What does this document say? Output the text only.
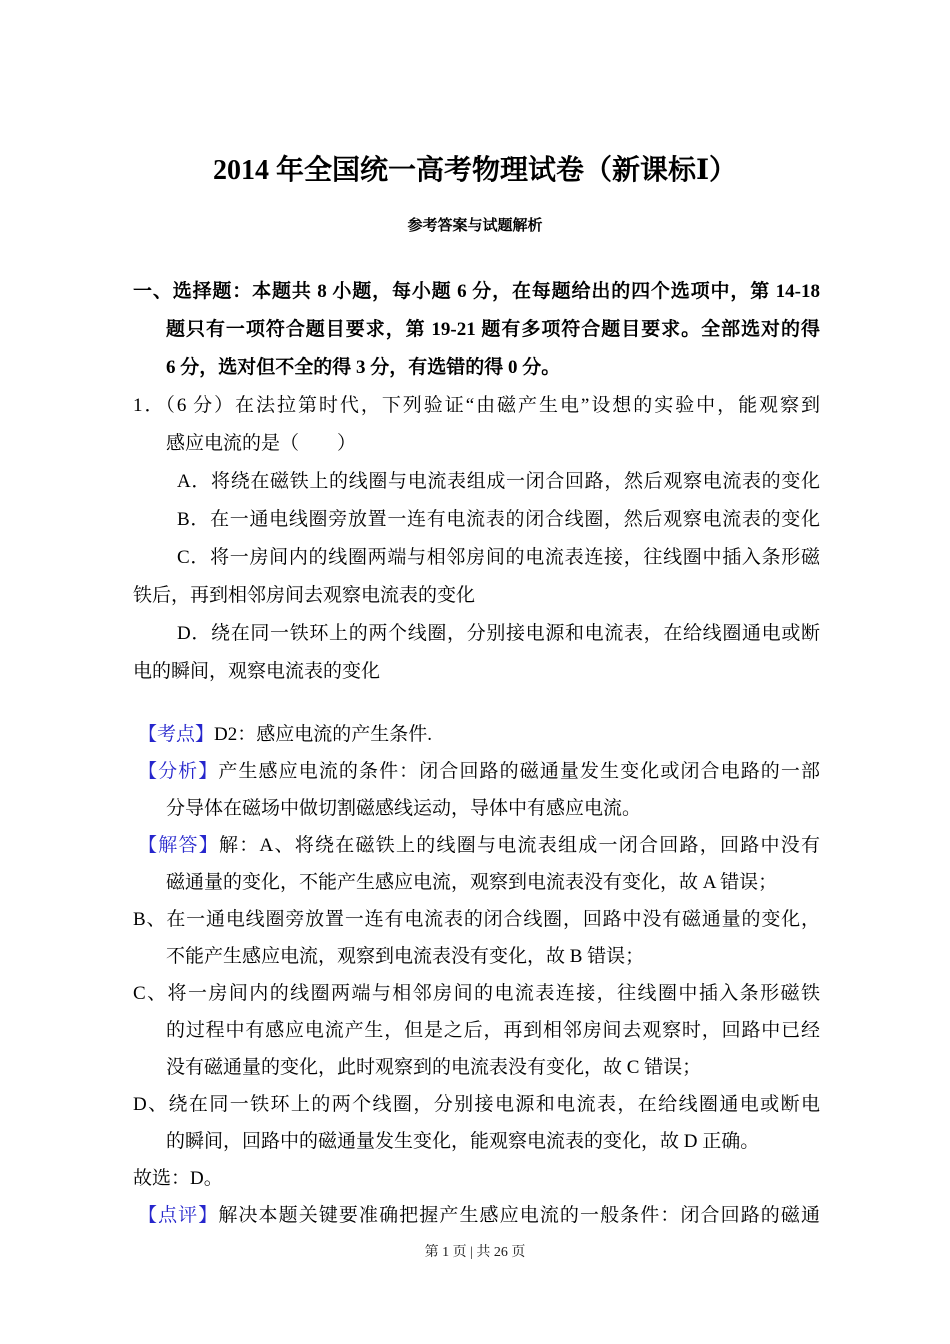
2014 年全国统一高考物理试卷（新课标Ⅰ）
参考答案与试题解析
一、选择题：本题共 8 小题，每小题 6 分，在每题给出的四个选项中，第 14-18
题只有一项符合题目要求，第 19-21 题有多项符合题目要求。全部选对的得
6 分，选对但不全的得 3 分，有选错的得 0 分。
1．（6 分）在法拉第时代，下列验证“由磁产生电”设想的实验中，能观察到
感应电流的是（　　）
A．将绕在磁铁上的线圈与电流表组成一闭合回路，然后观察电流表的变化
B．在一通电线圈旁放置一连有电流表的闭合线圈，然后观察电流表的变化
C．将一房间内的线圈两端与相邻房间的电流表连接，往线圈中插入条形磁
铁后，再到相邻房间去观察电流表的变化
D．绕在同一铁环上的两个线圈，分别接电源和电流表，在给线圈通电或断
电的瞬间，观察电流表的变化
【考点】D2：感应电流的产生条件.
【分析】产生感应电流的条件：闭合回路的磁通量发生变化或闭合电路的一部
分导体在磁场中做切割磁感线运动，导体中有感应电流。
【解答】解：A、将绕在磁铁上的线圈与电流表组成一闭合回路，回路中没有
磁通量的变化，不能产生感应电流，观察到电流表没有变化，故 A 错误；
B、在一通电线圈旁放置一连有电流表的闭合线圈，回路中没有磁通量的变化，
不能产生感应电流，观察到电流表没有变化，故 B 错误；
C、将一房间内的线圈两端与相邻房间的电流表连接，往线圈中插入条形磁铁
的过程中有感应电流产生，但是之后，再到相邻房间去观察时，回路中已经
没有磁通量的变化，此时观察到的电流表没有变化，故 C 错误；
D、绕在同一铁环上的两个线圈，分别接电源和电流表，在给线圈通电或断电
的瞬间，回路中的磁通量发生变化，能观察电流表的变化，故 D 正确。
故选：D。
【点评】解决本题关键要准确把握产生感应电流的一般条件：闭合回路的磁通
第 1 页 | 共 26 页
